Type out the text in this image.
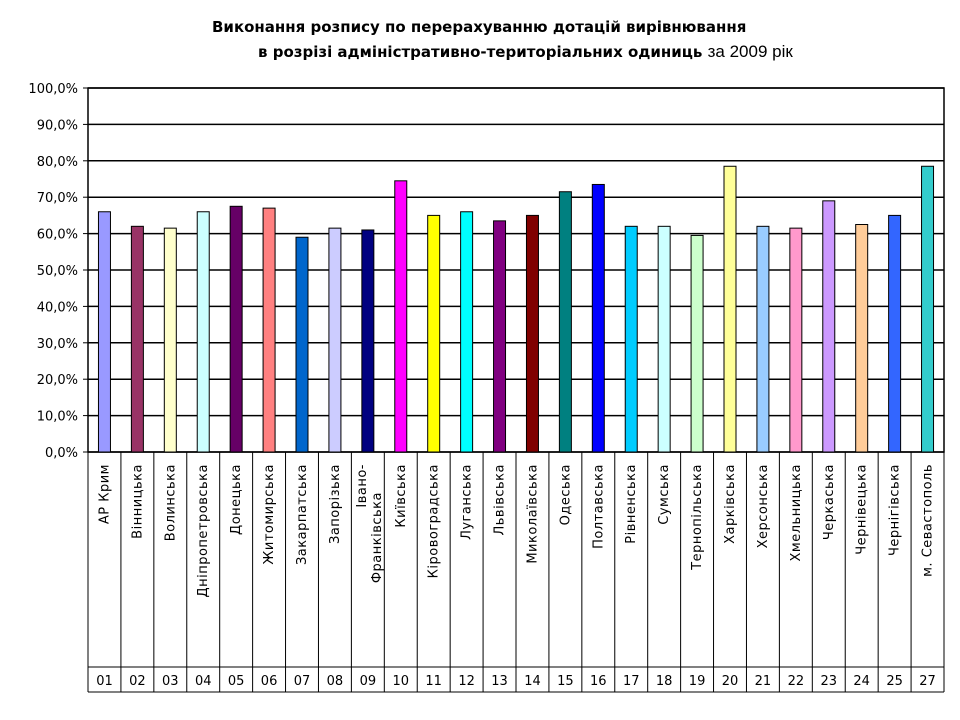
Виконання розпису по перерахуванню дотацій вирівнювання
в розрізі адміністративно-територіальних одиниць за 2009 рік
0,0%
10,0%
20,0%
30,0%
40,0%
50,0%
60,0%
70,0%
80,0%
90,0%
100,0%
АР Крим
01
Вінницька
02
Волинська
03
Дніпропетровська
04
Донецька
05
Житомирська
06
Закарпатська
07
Запорізька
08
Івано-Франківська
09
Київська
10
Кіровоградська
11
Луганська
12
Львівська
13
Миколаївська
14
Одеська
15
Полтавська
16
Рівненська
17
Сумська
18
Тернопільська
19
Харківська
20
Херсонська
21
Хмельницька
22
Черкаська
23
Чернівецька
24
Чернігівська
25
м. Севастополь
27
